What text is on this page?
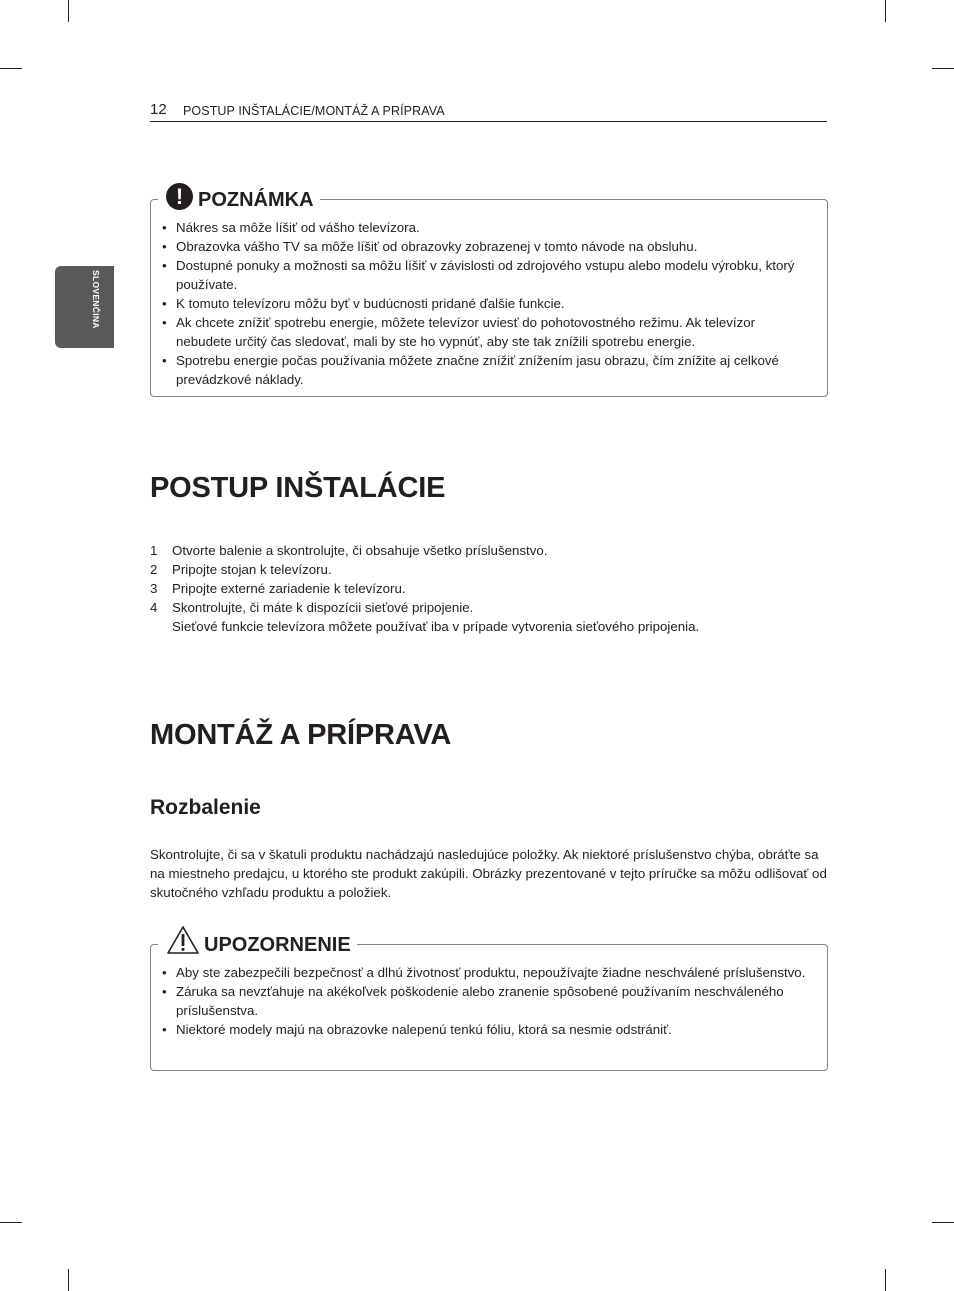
12 POSTUP INŠTALÁCIE/MONTÁŽ A PRÍPRAVA
SLOVENČINA
! POZNÁMKA
• Nákres sa môže líšiť od vášho televízora.
• Obrazovka vášho TV sa môže líšiť od obrazovky zobrazenej v tomto návode na obsluhu.
• Dostupné ponuky a možnosti sa môžu líšiť v závislosti od zdrojového vstupu alebo modelu výrobku, ktorý používate.
• K tomuto televízoru môžu byť v budúcnosti pridané ďalšie funkcie.
• Ak chcete znížiť spotrebu energie, môžete televízor uviesť do pohotovostného režimu. Ak televízor nebudete určitý čas sledovať, mali by ste ho vypnúť, aby ste tak znížili spotrebu energie.
• Spotrebu energie počas používania môžete značne znížiť znížením jasu obrazu, čím znížite aj celkové prevádzkové náklady.
POSTUP INŠTALÁCIE
1 Otvorte balenie a skontrolujte, či obsahuje všetko príslušenstvo.
2 Pripojte stojan k televízoru.
3 Pripojte externé zariadenie k televízoru.
4 Skontrolujte, či máte k dispozícii sieťové pripojenie.
Sieťové funkcie televízora môžete používať iba v prípade vytvorenia sieťového pripojenia.
MONTÁŽ A PRÍPRAVA
Rozbalenie

Skontrolujte, či sa v škatuli produktu nachádzajú nasledujúce položky. Ak niektoré príslušenstvo chýba, obráťte sa na miestneho predajcu, u ktorého ste produkt zakúpili. Obrázky prezentované v tejto príručke sa môžu odlišovať od skutočného vzhľadu produktu a položiek.

UPOZORNENIE
• Aby ste zabezpečili bezpečnosť a dlhú životnosť produktu, nepoužívajte žiadne neschválené príslušenstvo.
• Záruka sa nevzťahuje na akékoľvek poškodenie alebo zranenie spôsobené používaním neschváleného príslušenstva.
• Niektoré modely majú na obrazovke nalepenú tenkú fóliu, ktorá sa nesmie odstrániť.
